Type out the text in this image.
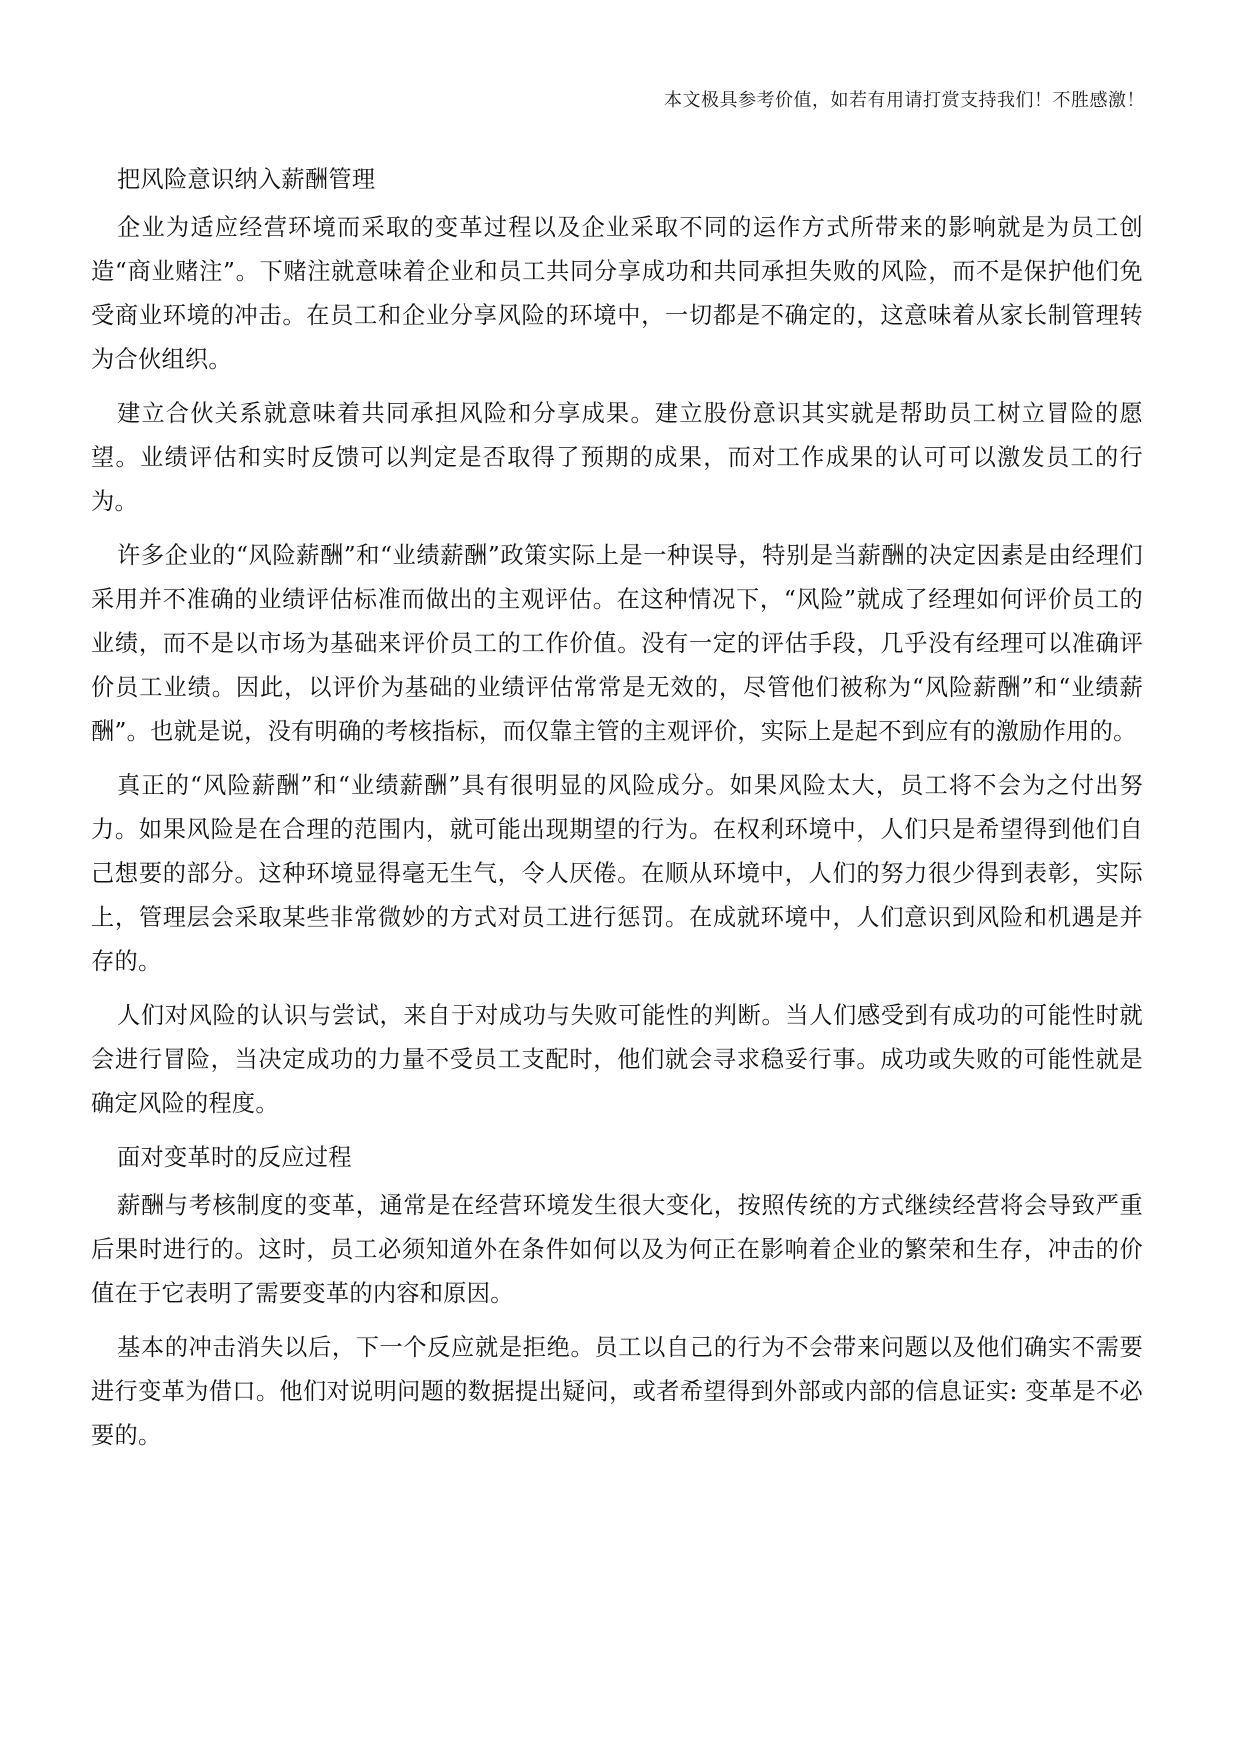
本文极具参考价值，如若有用请打赏支持我们！不胜感激！
把风险意识纳入薪酬管理

企业为适应经营环境而采取的变革过程以及企业采取不同的运作方式所带来的影响就是为员工创造“商业赌注”。下赌注就意味着企业和员工共同分享成功和共同承担失败的风险，而不是保护他们免受商业环境的冲击。在员工和企业分享风险的环境中，一切都是不确定的，这意味着从家长制管理转为合伙组织。

建立合伙关系就意味着共同承担风险和分享成果。建立股份意识其实就是帮助员工树立冒险的愿望。业绩评估和实时反馈可以判定是否取得了预期的成果，而对工作成果的认可可以激发员工的行为。

许多企业的“风险薪酬”和“业绩薪酬”政策实际上是一种误导，特别是当薪酬的决定因素是由经理们采用并不准确的业绩评估标准而做出的主观评估。在这种情况下，“风险”就成了经理如何评价员工的业绩，而不是以市场为基础来评价员工的工作价值。没有一定的评估手段，几乎没有经理可以准确评价员工业绩。因此，以评价为基础的业绩评估常常是无效的，尽管他们被称为“风险薪酬”和“业绩薪酬”。也就是说，没有明确的考核指标，而仅靠主管的主观评价，实际上是起不到应有的激励作用的。

真正的“风险薪酬”和“业绩薪酬”具有很明显的风险成分。如果风险太大，员工将不会为之付出努力。如果风险是在合理的范围内，就可能出现期望的行为。在权利环境中，人们只是希望得到他们自己想要的部分。这种环境显得毫无生气，令人厌倦。在顺从环境中，人们的努力很少得到表彰，实际上，管理层会采取某些非常微妙的方式对员工进行惩罚。在成就环境中，人们意识到风险和机遇是并存的。

人们对风险的认识与尝试，来自于对成功与失败可能性的判断。当人们感受到有成功的可能性时就会进行冒险，当决定成功的力量不受员工支配时，他们就会寻求稳妥行事。成功或失败的可能性就是确定风险的程度。

面对变革时的反应过程

薪酬与考核制度的变革，通常是在经营环境发生很大变化，按照传统的方式继续经营将会导致严重后果时进行的。这时，员工必须知道外在条件如何以及为何正在影响着企业的繁荣和生存，冲击的价值在于它表明了需要变革的内容和原因。

基本的冲击消失以后，下一个反应就是拒绝。员工以自己的行为不会带来问题以及他们确实不需要进行变革为借口。他们对说明问题的数据提出疑问，或者希望得到外部或内部的信息证实: 变革是不必要的。
